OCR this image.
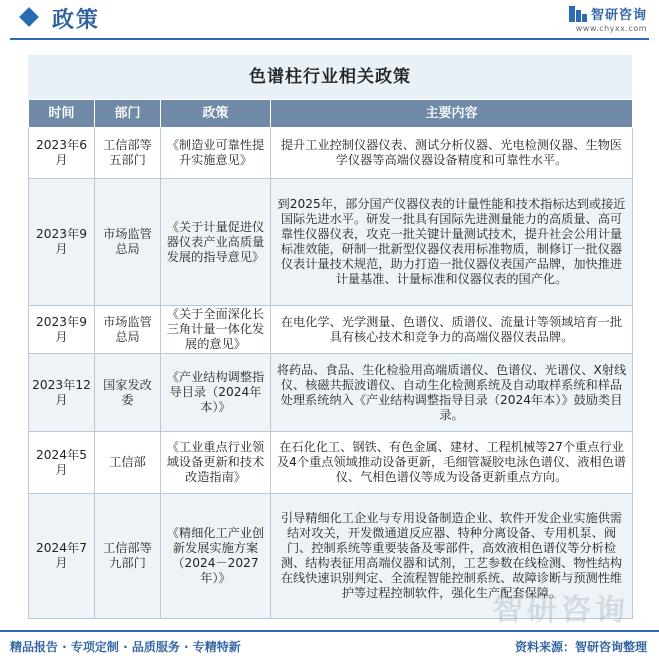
政策	智研咨询
www.chyxx.com
色谱柱行业相关政策
时间	部门	政策	主要内容
2023年6月	工信部等五部门	《制造业可靠性提升实施意见》	提升工业控制仪器仪表、测试分析仪器、光电检测仪器、生物医学仪器等高端仪器设备精度和可靠性水平。
2023年9月	市场监管总局	《关于计量促进仪器仪表产业高质量发展的指导意见》	到2025年，部分国产仪器仪表的计量性能和技术指标达到或接近国际先进水平。研发一批具有国际先进测量能力的高质量、高可靠性仪器仪表，攻克一批关键计量测试技术，提升社会公用计量标准效能，研制一批新型仪器仪表用标准物质，制修订一批仪器仪表计量技术规范，助力打造一批仪器仪表国产品牌，加快推进计量基准、计量标准和仪器仪表的国产化。
2023年9月	市场监管总局	《关于全面深化长三角计量一体化发展的意见》	在电化学、光学测量、色谱仪、质谱仪、流量计等领域培育一批具有核心技术和竞争力的高端仪器仪表品牌。
2023年12月	国家发改委	《产业结构调整指导目录（2024年本）》	将药品、食品、生化检验用高端质谱仪、色谱仪、光谱仪、X射线仪、核磁共振波谱仪、自动生化检测系统及自动取样系统和样品处理系统纳入《产业结构调整指导目录（2024年本）》鼓励类目录。
2024年5月	工信部	《工业重点行业领域设备更新和技术改造指南》	在石化化工、钢铁、有色金属、建材、工程机械等27个重点行业及4个重点领域推动设备更新，毛细管凝胶电泳色谱仪、液相色谱仪、气相色谱仪等成为设备更新重点方向。
2024年7月	工信部等九部门	《精细化工产业创新发展实施方案（2024－2027年）》	引导精细化工企业与专用设备制造企业、软件开发企业实施供需结对攻关，开发微通道反应器、特种分离设备、专用机泵、阀门、控制系统等重要装备及零部件，高效液相色谱仪等分析检测、结构表征用高端仪器和试剂，工艺参数在线检测、物性结构在线快速识别判定、全流程智能控制系统、故障诊断与预测性维护等过程控制软件，强化生产配套保障。
智研咨询
精品报告 · 专项定制 · 品质服务 · 专精特新	资料来源：智研咨询整理
